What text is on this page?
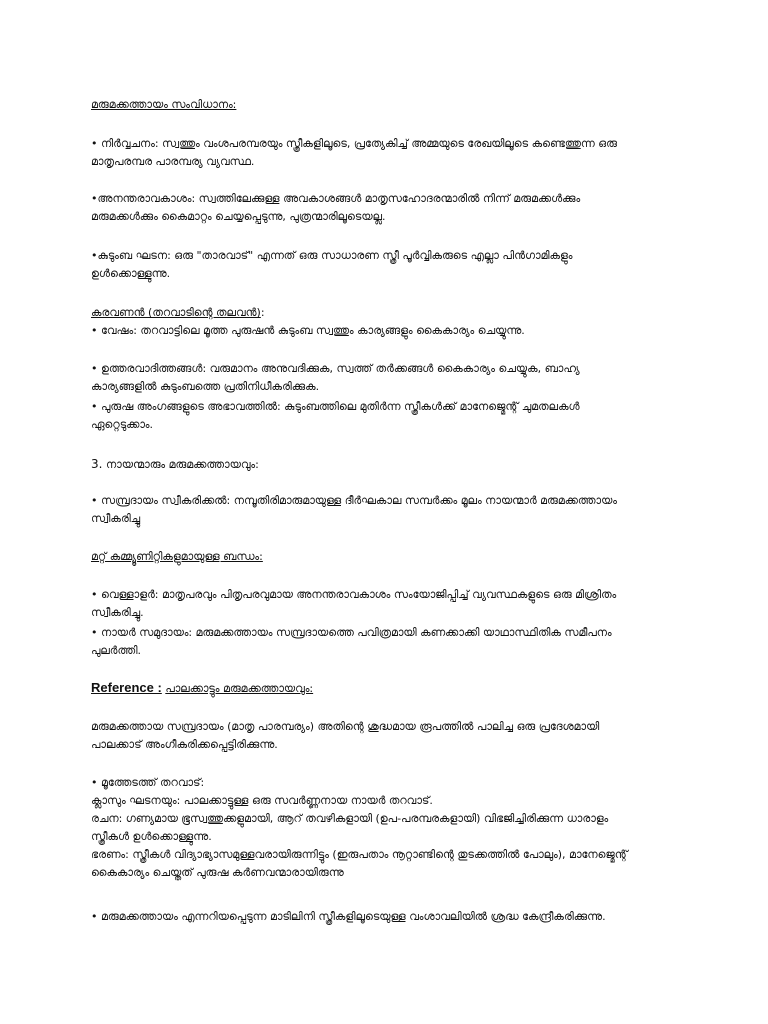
മരുമക്കത്തായം സംവിധാനം:
• നിർവ്വചനം: സ്വത്തും വംശപരമ്പരയും സ്ത്രീകളിലൂടെ, പ്രത്യേകിച്ച് അമ്മയുടെ രേഖയിലൂടെ കണ്ടെത്തുന്ന ഒരു
മാതൃപരമ്പര പാരമ്പര്യ വ്യവസ്ഥ.
•അനന്തരാവകാശം: സ്വത്തിലേക്കുള്ള അവകാശങ്ങൾ മാതൃസഹോദരന്മാരിൽ നിന്ന് മരുമക്കൾക്കും
മരുമക്കൾക്കും കൈമാറ്റം ചെയ്യപ്പെടുന്നു, പുത്രന്മാരിലൂടെയല്ല.
•കുടുംബ ഘടന: ഒരു "താരവാട്" എന്നത് ഒരു സാധാരണ സ്ത്രീ പൂർവ്വികരുടെ എല്ലാ പിൻഗാമികളും
ഉൾക്കൊള്ളുന്നു.
കരവണൻ (തറവാടിന്റെ തലവൻ):
• വേഷം: തറവാട്ടിലെ മൂത്ത പുരുഷൻ കുടുംബ സ്വത്തും കാര്യങ്ങളും കൈകാര്യം ചെയ്യുന്നു.
• ഉത്തരവാദിത്തങ്ങൾ: വരുമാനം അനുവദിക്കുക, സ്വത്ത് തർക്കങ്ങൾ കൈകാര്യം ചെയ്യുക, ബാഹ്യ
കാര്യങ്ങളിൽ കുടുംബത്തെ പ്രതിനിധീകരിക്കുക.
• പുരുഷ അംഗങ്ങളുടെ അഭാവത്തിൽ: കുടുംബത്തിലെ മുതിർന്ന സ്ത്രീകൾക്ക് മാനേജ്മെന്റ് ചുമതലകൾ
ഏറ്റെടുക്കാം.
3. നായന്മാരും മരുമക്കത്തായവും:
• സമ്പ്രദായം സ്വീകരിക്കൽ: നമ്പൂതിരിമാരുമായുള്ള ദീർഘകാല സമ്പർക്കം മൂലം നായന്മാർ മരുമക്കത്തായം
സ്വീകരിച്ചു
മറ്റ് കമ്മ്യൂണിറ്റികളുമായുള്ള ബന്ധം:
• വെള്ളാളർ: മാതൃപരവും പിതൃപരവുമായ അനന്തരാവകാശം സംയോജിപ്പിച്ച് വ്യവസ്ഥകളുടെ ഒരു മിശ്രിതം
സ്വീകരിച്ചു.
• നായർ സമുദായം: മരുമക്കത്തായം സമ്പ്രദായത്തെ പവിത്രമായി കണക്കാക്കി യാഥാസ്ഥിതിക സമീപനം
പുലർത്തി.
Reference : പാലക്കാട്ടും മരുമക്കത്തായവും:
മരുമക്കത്തായ സമ്പ്രദായം (മാതൃ പാരമ്പര്യം) അതിന്റെ ശുദ്ധമായ രൂപത്തിൽ പാലിച്ച ഒരു പ്രദേശമായി
പാലക്കാട് അംഗീകരിക്കപ്പെട്ടിരിക്കുന്നു.
• മൂത്തേടത്ത് തറവാട്:
ക്ലാസും ഘടനയും: പാലക്കാട്ടുള്ള ഒരു സവർണ്ണനായ നായർ തറവാട്.
രചന: ഗണ്യമായ ഭൂസ്വത്തുക്കളുമായി, ആറ് തവഴികളായി (ഉപ-പരമ്പരകളായി) വിഭജിച്ചിരിക്കുന്ന ധാരാളം
സ്ത്രീകൾ ഉൾക്കൊള്ളുന്നു.
ഭരണം: സ്ത്രീകൾ വിദ്യാഭ്യാസമുള്ളവരായിരുന്നിട്ടും (ഇരുപതാം നൂറ്റാണ്ടിന്റെ തുടക്കത്തിൽ പോലും), മാനേജ്മെന്റ്
കൈകാര്യം ചെയ്തത് പുരുഷ കർണവന്മാരായിരുന്നു
• മരുമക്കത്തായം എന്നറിയപ്പെടുന്ന മാടിലിനി സ്ത്രീകളിലൂടെയുള്ള വംശാവലിയിൽ ശ്രദ്ധ കേന്ദ്രീകരിക്കുന്നു.
